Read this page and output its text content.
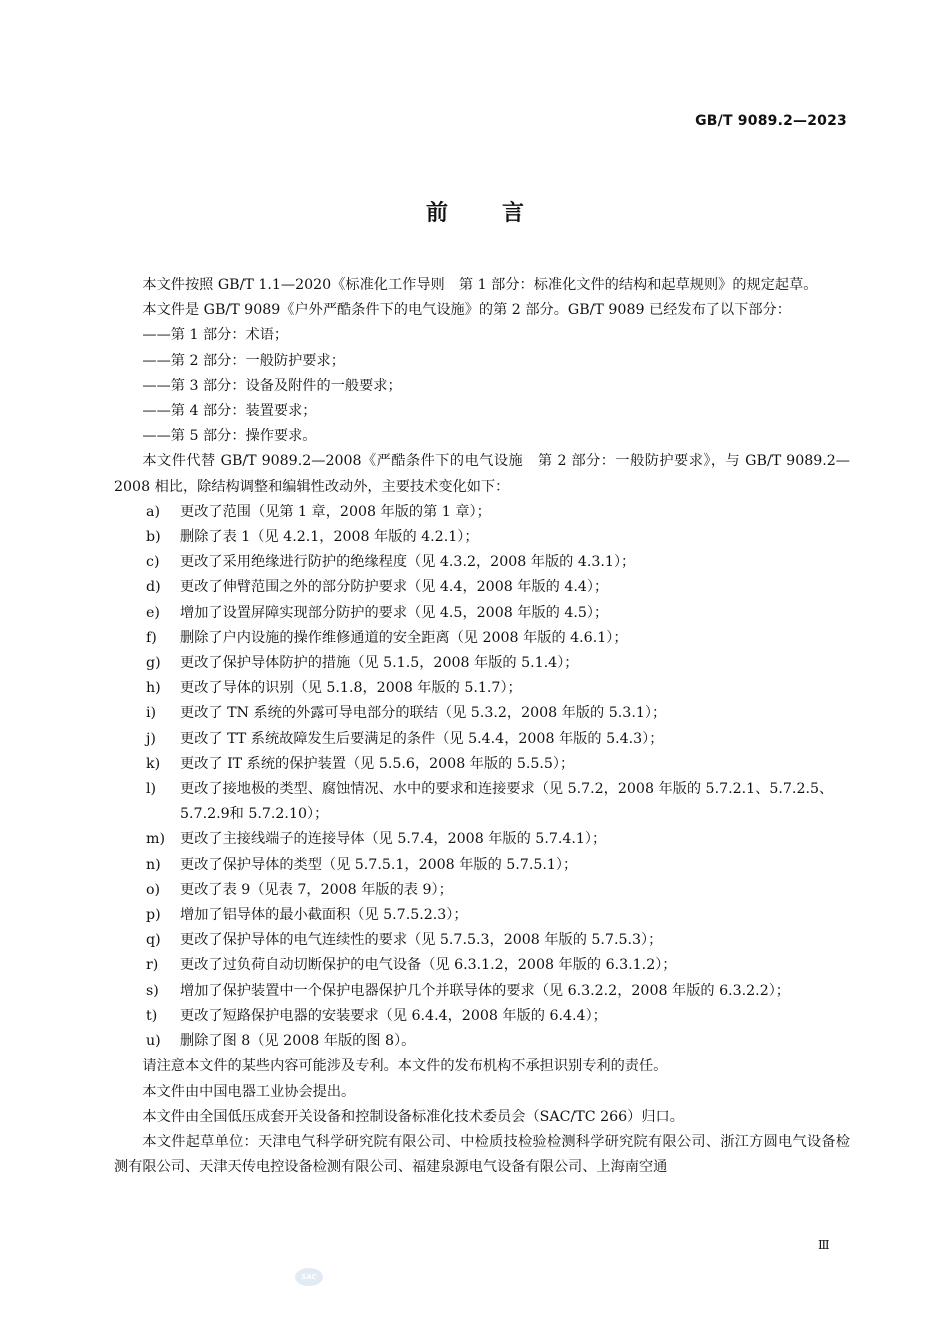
GB/T 9089.2—2023
前言

本文件按照 GB/T 1.1—2020《标准化工作导则　第 1 部分：标准化文件的结构和起草规则》的规定起草。

本文件是 GB/T 9089《户外严酷条件下的电气设施》的第 2 部分。GB/T 9089 已经发布了以下部分：

——第 1 部分：术语；

——第 2 部分：一般防护要求；

——第 3 部分：设备及附件的一般要求；

——第 4 部分：装置要求；

——第 5 部分：操作要求。

本文件代替 GB/T 9089.2—2008《严酷条件下的电气设施　第 2 部分：一般防护要求》，与 GB/T 9089.2—2008 相比，除结构调整和编辑性改动外，主要技术变化如下：

a) 更改了范围（见第 1 章，2008 年版的第 1 章）；

b) 删除了表 1（见 4.2.1，2008 年版的 4.2.1）；

c) 更改了采用绝缘进行防护的绝缘程度（见 4.3.2，2008 年版的 4.3.1）；

d) 更改了伸臂范围之外的部分防护要求（见 4.4，2008 年版的 4.4）；

e) 增加了设置屏障实现部分防护的要求（见 4.5，2008 年版的 4.5）；

f) 删除了户内设施的操作维修通道的安全距离（见 2008 年版的 4.6.1）；

g) 更改了保护导体防护的措施（见 5.1.5，2008 年版的 5.1.4）；

h) 更改了导体的识别（见 5.1.8，2008 年版的 5.1.7）；

i) 更改了 TN 系统的外露可导电部分的联结（见 5.3.2，2008 年版的 5.3.1）；

j) 更改了 TT 系统故障发生后要满足的条件（见 5.4.4，2008 年版的 5.4.3）；

k) 更改了 IT 系统的保护装置（见 5.5.6，2008 年版的 5.5.5）；

l) 更改了接地极的类型、腐蚀情况、水中的要求和连接要求（见 5.7.2，2008 年版的 5.7.2.1、5.7.2.5、5.7.2.9和 5.7.2.10）；

m) 更改了主接线端子的连接导体（见 5.7.4，2008 年版的 5.7.4.1）；

n) 更改了保护导体的类型（见 5.7.5.1，2008 年版的 5.7.5.1）；

o) 更改了表 9（见表 7，2008 年版的表 9）；

p) 增加了铝导体的最小截面积（见 5.7.5.2.3）；

q) 更改了保护导体的电气连续性的要求（见 5.7.5.3，2008 年版的 5.7.5.3）；

r) 更改了过负荷自动切断保护的电气设备（见 6.3.1.2，2008 年版的 6.3.1.2）；

s) 增加了保护装置中一个保护电器保护几个并联导体的要求（见 6.3.2.2，2008 年版的 6.3.2.2）；

t) 更改了短路保护电器的安装要求（见 6.4.4，2008 年版的 6.4.4）；

u) 删除了图 8（见 2008 年版的图 8）。

请注意本文件的某些内容可能涉及专利。本文件的发布机构不承担识别专利的责任。

本文件由中国电器工业协会提出。

本文件由全国低压成套开关设备和控制设备标准化技术委员会（SAC/TC 266）归口。

本文件起草单位：天津电气科学研究院有限公司、中检质技检验检测科学研究院有限公司、浙江方圆电气设备检测有限公司、天津天传电控设备检测有限公司、福建泉源电气设备有限公司、上海南空通

Ⅲ
SAC
